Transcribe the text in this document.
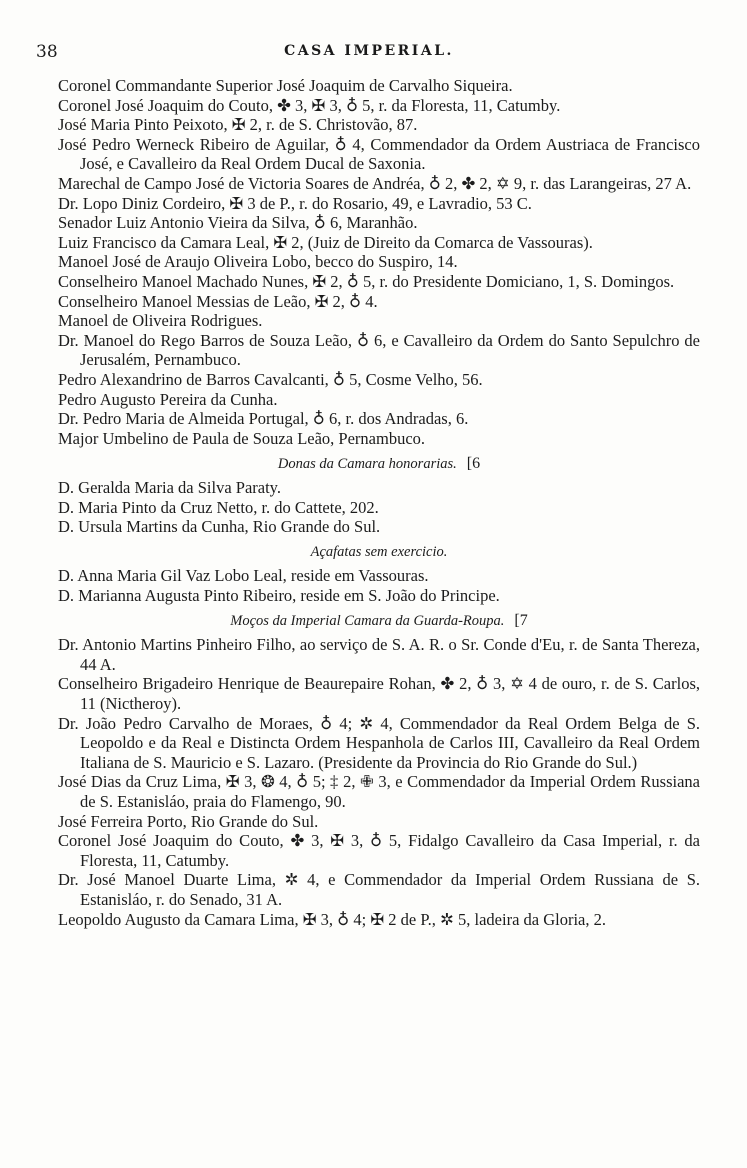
38	CASA IMPERIAL.

Coronel Commandante Superior José Joaquim de Carvalho Siqueira.

Coronel José Joaquim do Couto, ✤ 3, ✠ 3, ♁ 5, r. da Floresta, 11, Catumby.

José Maria Pinto Peixoto, ✠ 2, r. de S. Christovão, 87.

José Pedro Werneck Ribeiro de Aguilar, ♁ 4, Commendador da Ordem Austriaca de Francisco José, e Cavalleiro da Real Ordem Ducal de Saxonia.

Marechal de Campo José de Victoria Soares de Andréa, ♁ 2, ✤ 2, ✡ 9, r. das Larangeiras, 27 A.

Dr. Lopo Diniz Cordeiro, ✠ 3 de P., r. do Rosario, 49, e Lavradio, 53 C.

Senador Luiz Antonio Vieira da Silva, ♁ 6, Maranhão.

Luiz Francisco da Camara Leal, ✠ 2, (Juiz de Direito da Comarca de Vassouras).

Manoel José de Araujo Oliveira Lobo, becco do Suspiro, 14.

Conselheiro Manoel Machado Nunes, ✠ 2, ♁ 5, r. do Presidente Domiciano, 1, S. Domingos.

Conselheiro Manoel Messias de Leão, ✠ 2, ♁ 4.

Manoel de Oliveira Rodrigues.

Dr. Manoel do Rego Barros de Souza Leão, ♁ 6, e Cavalleiro da Ordem do Santo Sepulchro de Jerusalém, Pernambuco.

Pedro Alexandrino de Barros Cavalcanti, ♁ 5, Cosme Velho, 56.

Pedro Augusto Pereira da Cunha.

Dr. Pedro Maria de Almeida Portugal, ♁ 6, r. dos Andradas, 6.

Major Umbelino de Paula de Souza Leão, Pernambuco.

Donas da Camara honorarias. [6

D. Geralda Maria da Silva Paraty.

D. Maria Pinto da Cruz Netto, r. do Cattete, 202.

D. Ursula Martins da Cunha, Rio Grande do Sul.

Açafatas sem exercicio.

D. Anna Maria Gil Vaz Lobo Leal, reside em Vassouras.

D. Marianna Augusta Pinto Ribeiro, reside em S. João do Principe.

Moços da Imperial Camara da Guarda-Roupa. [7

Dr. Antonio Martins Pinheiro Filho, ao serviço de S. A. R. o Sr. Conde d'Eu, r. de Santa Thereza, 44 A.

Conselheiro Brigadeiro Henrique de Beaurepaire Rohan, ✤ 2, ♁ 3, ✡ 4 de ouro, r. de S. Carlos, 11 (Nictheroy).

Dr. João Pedro Carvalho de Moraes, ♁ 4; ✲ 4, Commendador da Real Ordem Belga de S. Leopoldo e da Real e Distincta Ordem Hespanhola de Carlos III, Cavalleiro da Real Ordem Italiana de S. Mauricio e S. Lazaro. (Presidente da Provincia do Rio Grande do Sul.)

José Dias da Cruz Lima, ✠ 3, ❂ 4, ♁ 5; ‡ 2, ✙ 3, e Commendador da Imperial Ordem Russiana de S. Estanisláo, praia do Flamengo, 90.

José Ferreira Porto, Rio Grande do Sul.

Coronel José Joaquim do Couto, ✤ 3, ✠ 3, ♁ 5, Fidalgo Cavalleiro da Casa Imperial, r. da Floresta, 11, Catumby.

Dr. José Manoel Duarte Lima, ✲ 4, e Commendador da Imperial Ordem Russiana de S. Estanisláo, r. do Senado, 31 A.

Leopoldo Augusto da Camara Lima, ✠ 3, ♁ 4; ✠ 2 de P., ✲ 5, ladeira da Gloria, 2.
